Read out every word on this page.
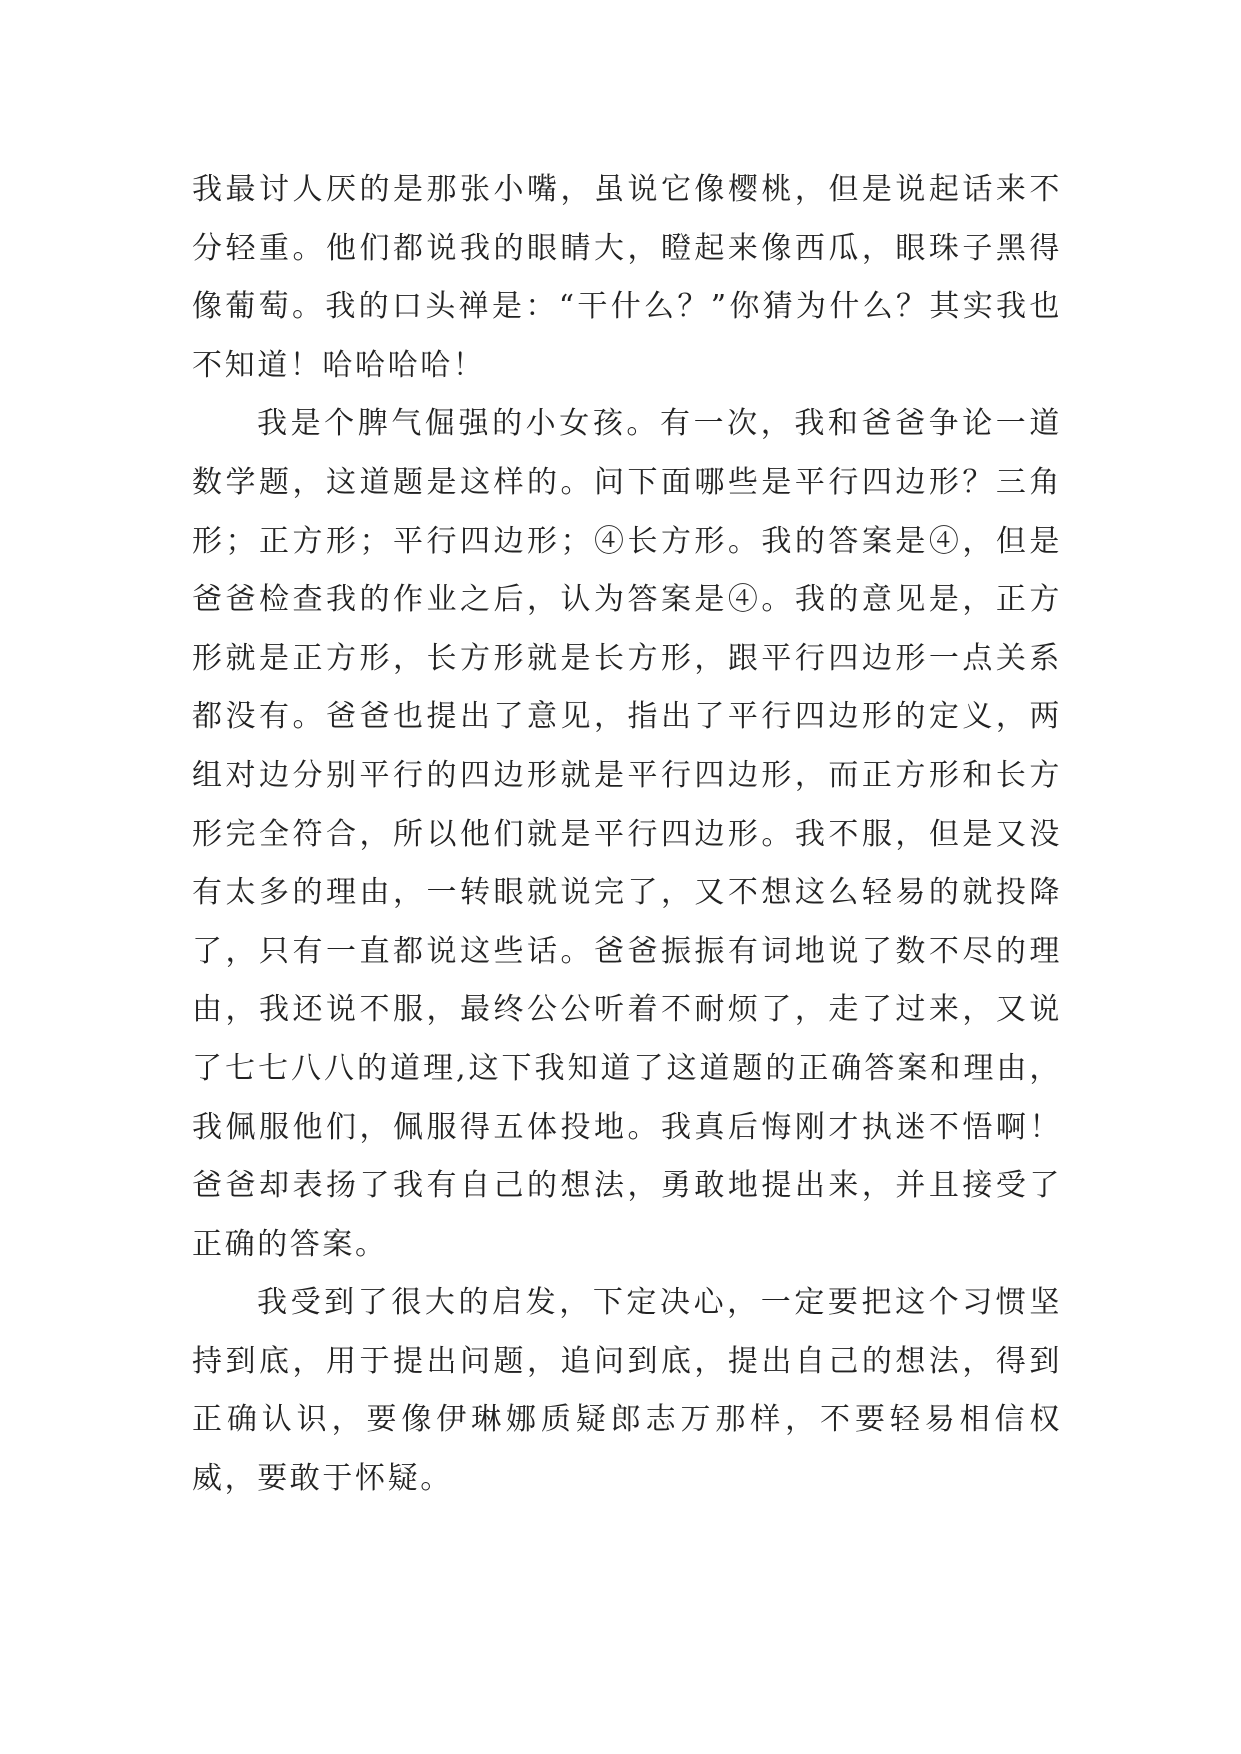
我最讨人厌的是那张小嘴，虽说它像樱桃，但是说起话来不分轻重。他们都说我的眼睛大，瞪起来像西瓜，眼珠子黑得像葡萄。我的口头禅是：“干什么？”你猜为什么？其实我也不知道！哈哈哈哈！

我是个脾气倔强的小女孩。有一次，我和爸爸争论一道数学题，这道题是这样的。问下面哪些是平行四边形？三角形；正方形；平行四边形；④长方形。我的答案是④，但是爸爸检查我的作业之后，认为答案是④。我的意见是，正方形就是正方形，长方形就是长方形，跟平行四边形一点关系都没有。爸爸也提出了意见，指出了平行四边形的定义，两组对边分别平行的四边形就是平行四边形，而正方形和长方形完全符合，所以他们就是平行四边形。我不服，但是又没有太多的理由，一转眼就说完了，又不想这么轻易的就投降了，只有一直都说这些话。爸爸振振有词地说了数不尽的理由，我还说不服，最终公公听着不耐烦了，走了过来，又说了七七八八的道理,这下我知道了这道题的正确答案和理由，我佩服他们，佩服得五体投地。我真后悔刚才执迷不悟啊！爸爸却表扬了我有自己的想法，勇敢地提出来，并且接受了正确的答案。

我受到了很大的启发，下定决心，一定要把这个习惯坚持到底，用于提出问题，追问到底，提出自己的想法，得到正确认识，要像伊琳娜质疑郎志万那样，不要轻易相信权威，要敢于怀疑。
